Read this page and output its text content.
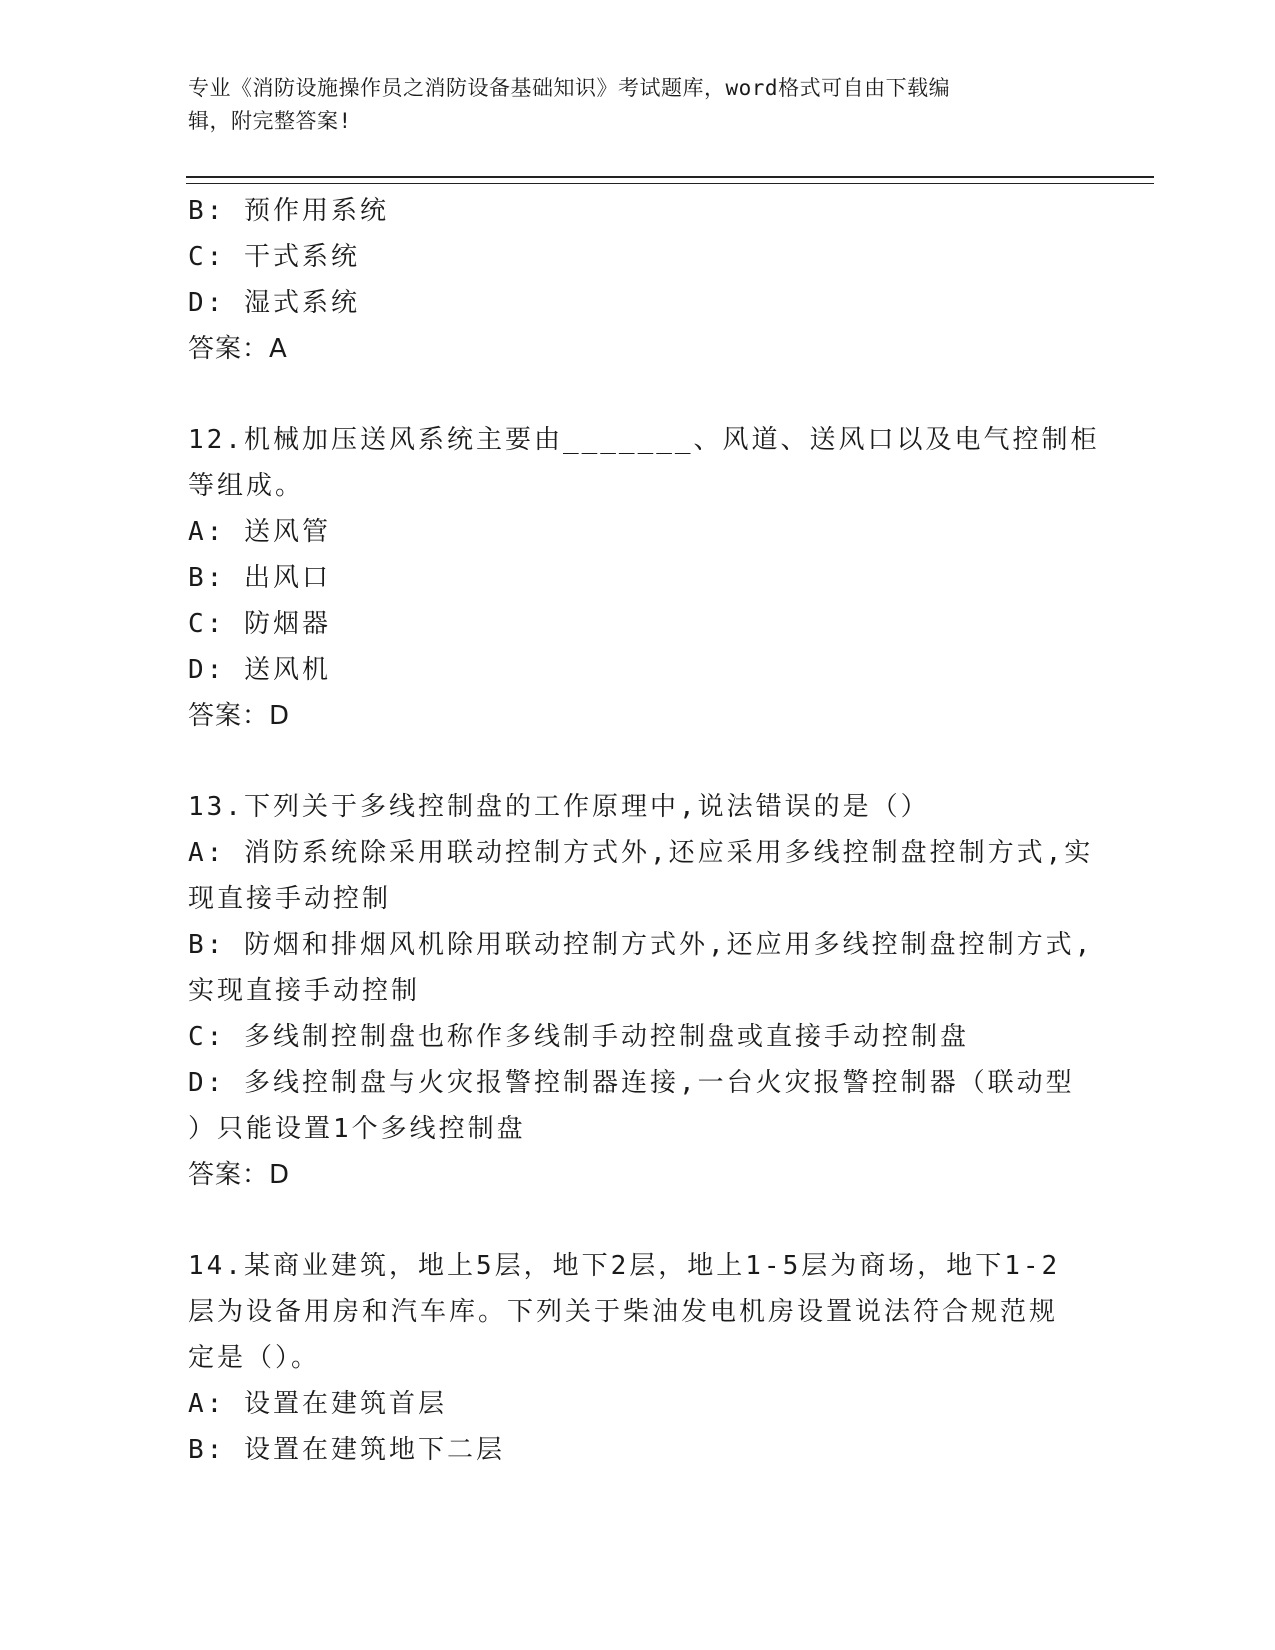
专业《消防设施操作员之消防设备基础知识》考试题库，word格式可自由下载编
辑，附完整答案!
B: 预作用系统
C: 干式系统
D: 湿式系统
答案：A
12.机械加压送风系统主要由_______、风道、送风口以及电气控制柜
等组成。
A: 送风管
B: 出风口
C: 防烟器
D: 送风机
答案：D
13.下列关于多线控制盘的工作原理中,说法错误的是（）
A: 消防系统除采用联动控制方式外,还应采用多线控制盘控制方式,实
现直接手动控制
B: 防烟和排烟风机除用联动控制方式外,还应用多线控制盘控制方式,
实现直接手动控制
C: 多线制控制盘也称作多线制手动控制盘或直接手动控制盘
D: 多线控制盘与火灾报警控制器连接,一台火灾报警控制器（联动型
）只能设置1个多线控制盘
答案：D
14.某商业建筑，地上5层，地下2层，地上1-5层为商场，地下1-2
层为设备用房和汽车库。下列关于柴油发电机房设置说法符合规范规
定是（）。
A: 设置在建筑首层
B: 设置在建筑地下二层
